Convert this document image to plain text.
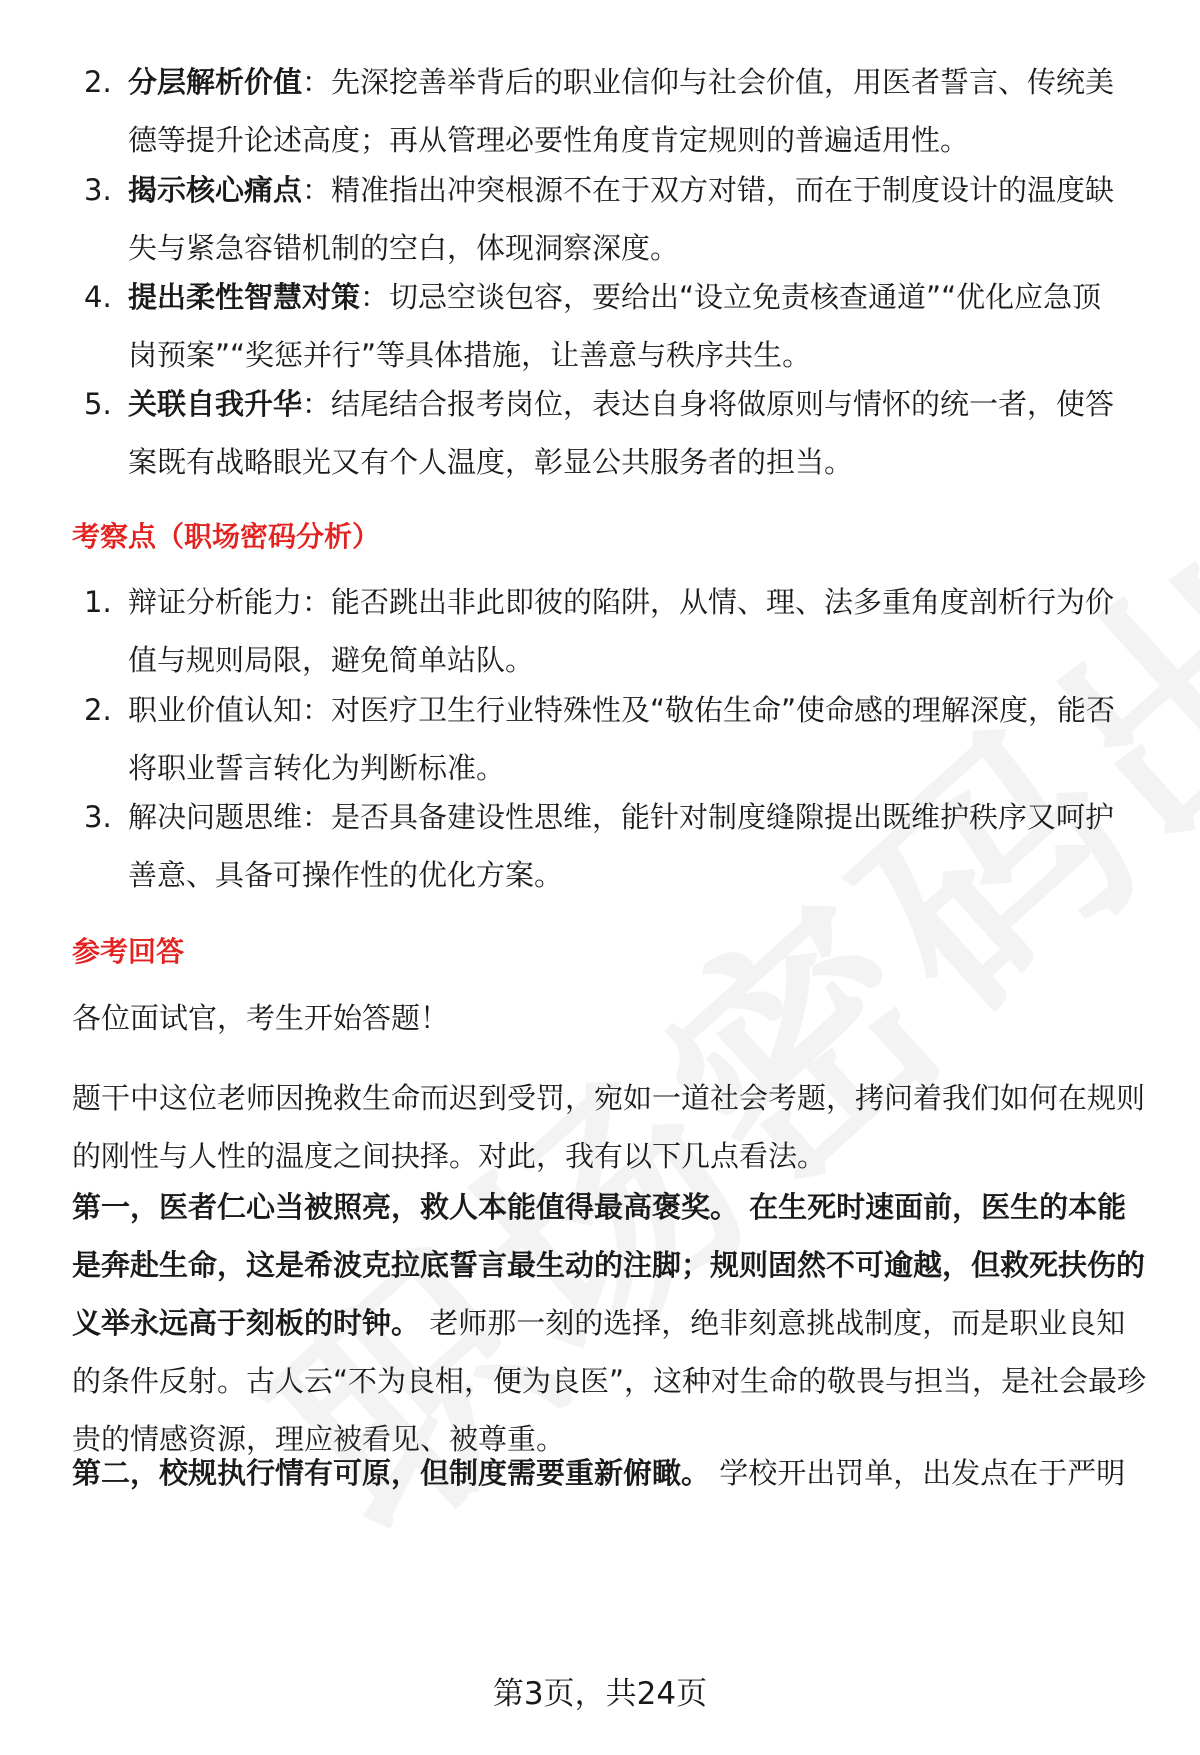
2. 分层解析价值：先深挖善举背后的职业信仰与社会价值，用医者誓言、传统美德等提升论述高度；再从管理必要性角度肯定规则的普遍适用性。
3. 揭示核心痛点：精准指出冲突根源不在于双方对错，而在于制度设计的温度缺失与紧急容错机制的空白，体现洞察深度。
4. 提出柔性智慧对策：切忌空谈包容，要给出“设立免责核查通道”“优化应急顶岗预案”“奖惩并行”等具体措施，让善意与秩序共生。
5. 关联自我升华：结尾结合报考岗位，表达自身将做原则与情怀的统一者，使答案既有战略眼光又有个人温度，彰显公共服务者的担当。
考察点（职场密码分析）
1. 辩证分析能力：能否跳出非此即彼的陷阱，从情、理、法多重角度剖析行为价值与规则局限，避免简单站队。
2. 职业价值认知：对医疗卫生行业特殊性及“敬佑生命”使命感的理解深度，能否将职业誓言转化为判断标准。
3. 解决问题思维：是否具备建设性思维，能针对制度缝隙提出既维护秩序又呵护善意、具备可操作性的优化方案。
参考回答
各位面试官，考生开始答题！
题干中这位老师因挽救生命而迟到受罚，宛如一道社会考题，拷问着我们如何在规则的刚性与人性的温度之间抉择。对此，我有以下几点看法。
第一，医者仁心当被照亮，救人本能值得最高褒奖。 在生死时速面前，医生的本能是奔赴生命，这是希波克拉底誓言最生动的注脚；规则固然不可逾越，但救死扶伤的义举永远高于刻板的时钟。 老师那一刻的选择，绝非刻意挑战制度，而是职业良知的条件反射。古人云“不为良相，便为良医”，这种对生命的敬畏与担当，是社会最珍贵的情感资源，理应被看见、被尊重。
第二，校规执行情有可原，但制度需要重新俯瞰。 学校开出罚单，出发点在于严明
第3页，共24页
